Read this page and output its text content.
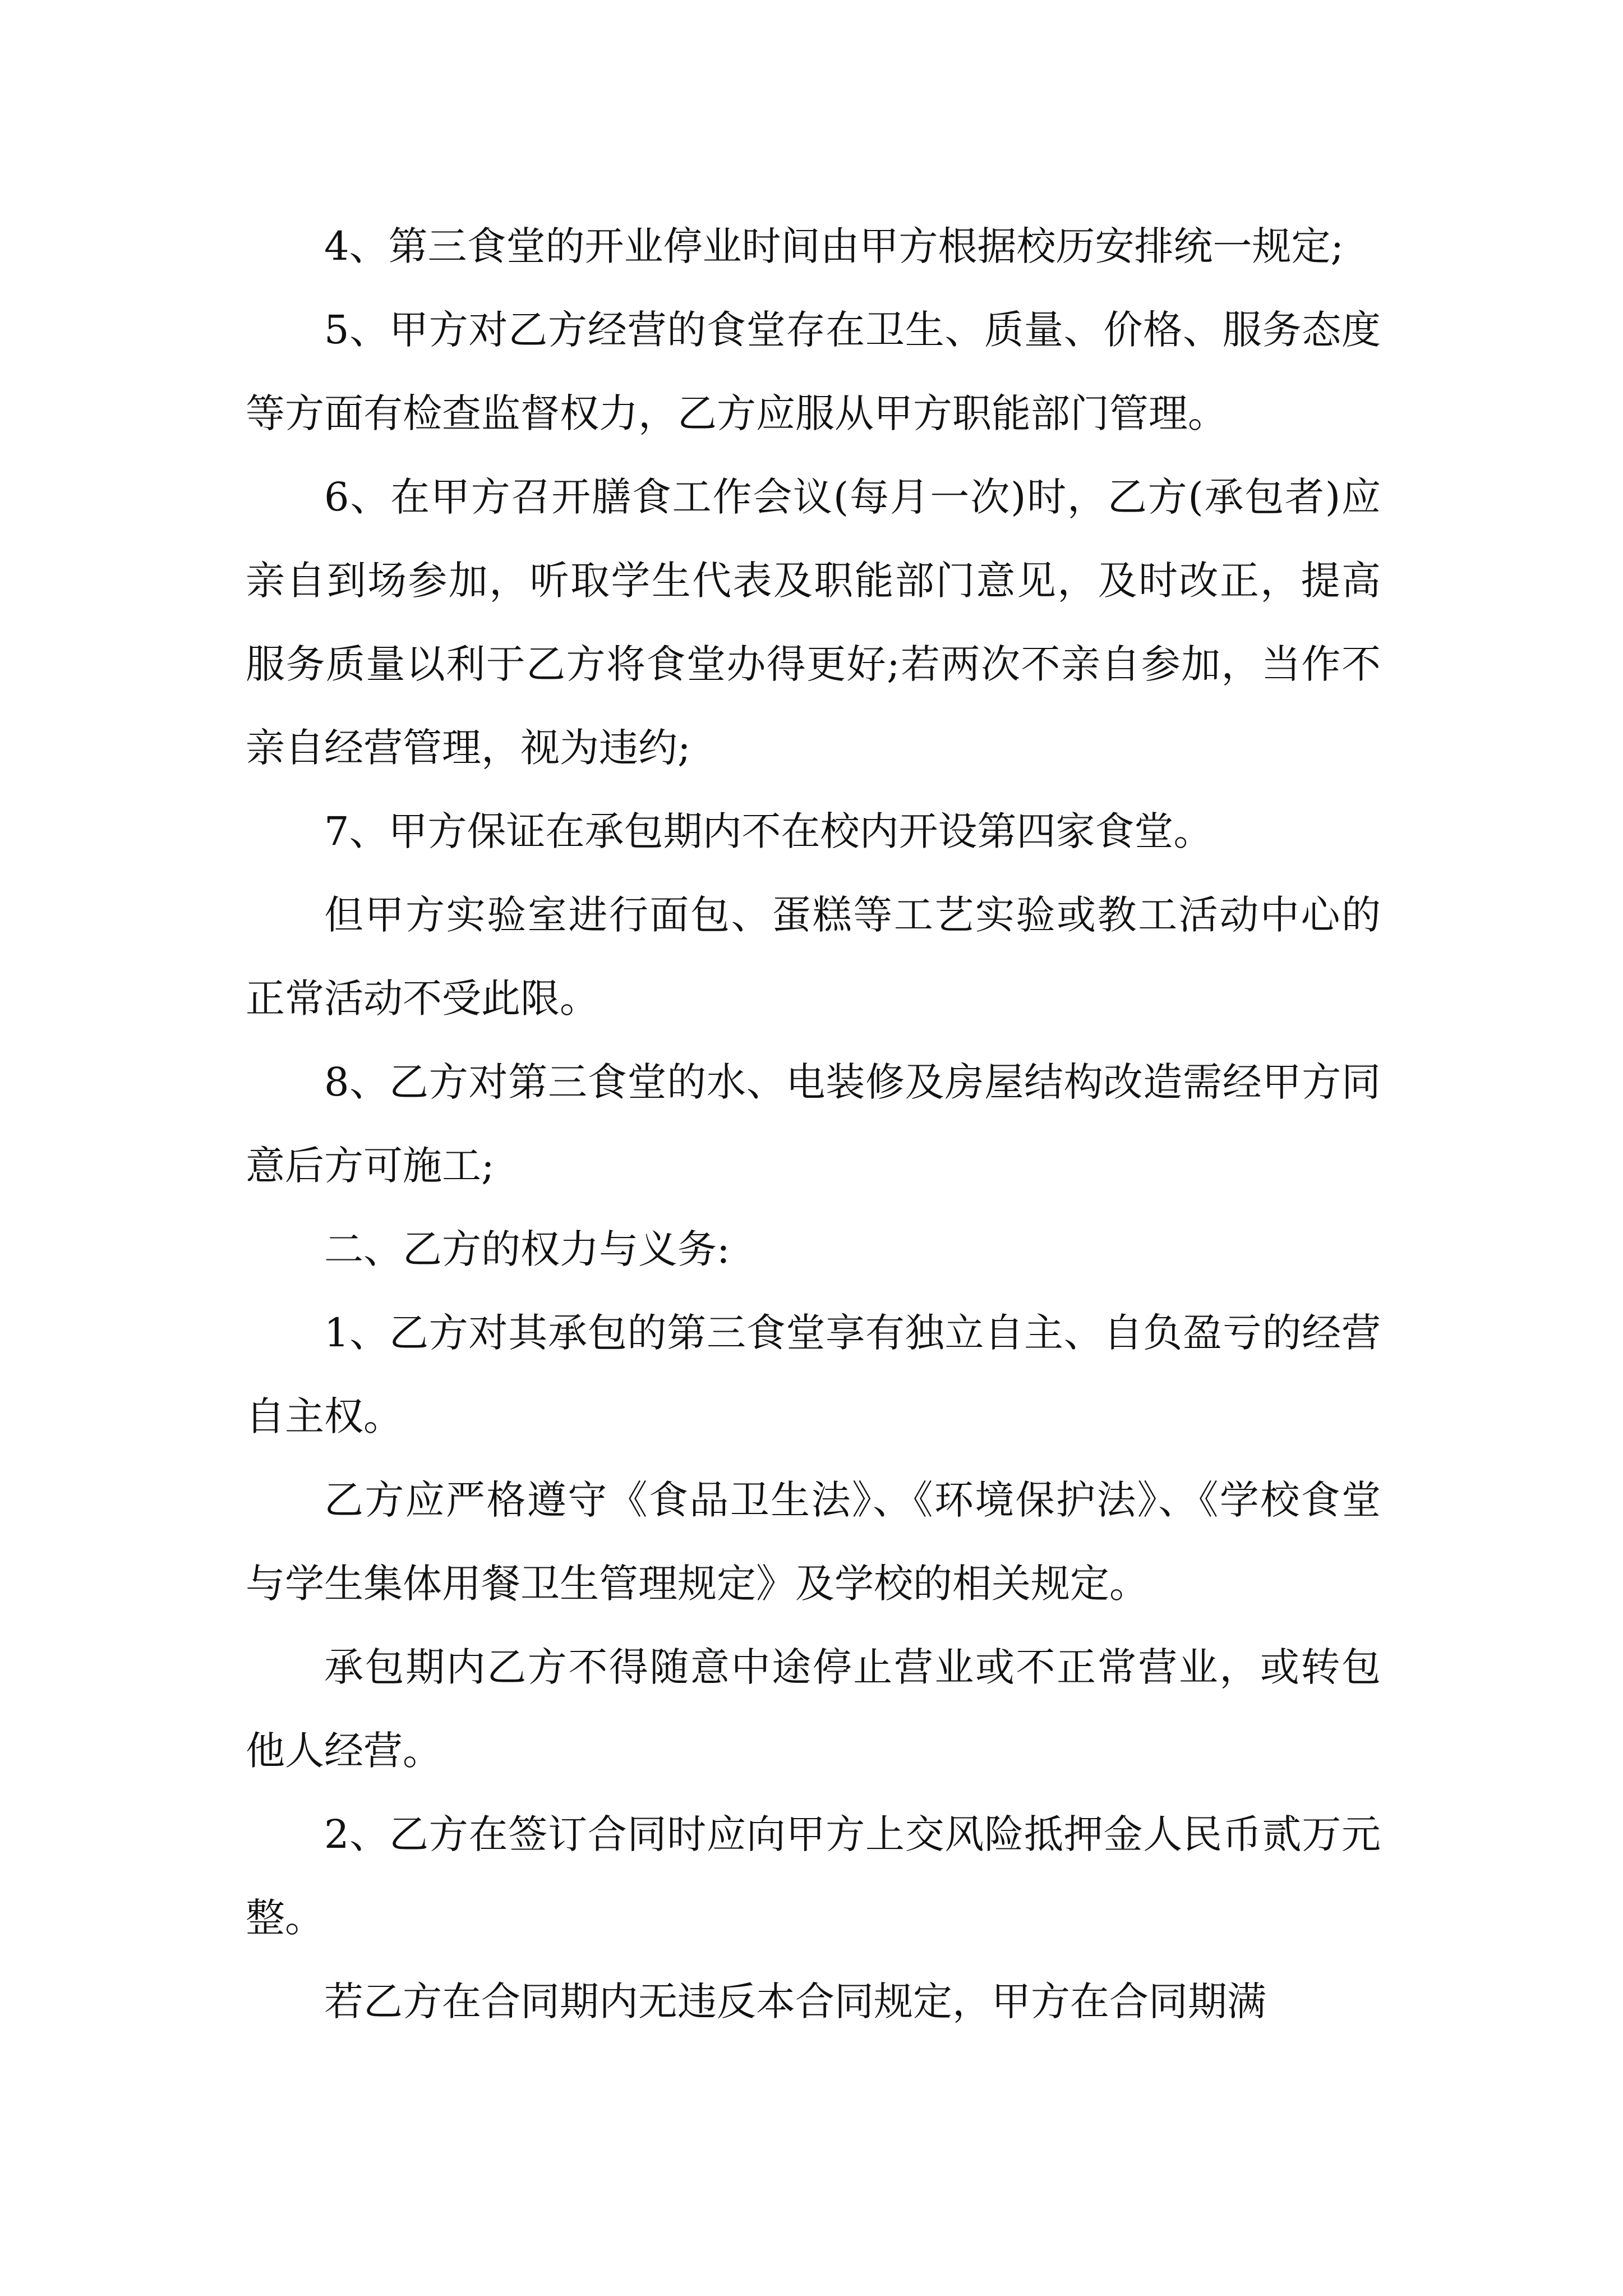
4、第三食堂的开业停业时间由甲方根据校历安排统一规定;

5、甲方对乙方经营的食堂存在卫生、质量、价格、服务态度等方面有检查监督权力，乙方应服从甲方职能部门管理。

6、在甲方召开膳食工作会议(每月一次)时，乙方(承包者)应亲自到场参加，听取学生代表及职能部门意见，及时改正，提高服务质量以利于乙方将食堂办得更好;若两次不亲自参加，当作不亲自经营管理，视为违约;

7、甲方保证在承包期内不在校内开设第四家食堂。

但甲方实验室进行面包、蛋糕等工艺实验或教工活动中心的正常活动不受此限。

8、乙方对第三食堂的水、电装修及房屋结构改造需经甲方同意后方可施工;

二、乙方的权力与义务:

1、乙方对其承包的第三食堂享有独立自主、自负盈亏的经营自主权。

乙方应严格遵守《食品卫生法》、《环境保护法》、《学校食堂与学生集体用餐卫生管理规定》及学校的相关规定。

承包期内乙方不得随意中途停止营业或不正常营业，或转包他人经营。

2、乙方在签订合同时应向甲方上交风险抵押金人民币贰万元整。

若乙方在合同期内无违反本合同规定，甲方在合同期满
